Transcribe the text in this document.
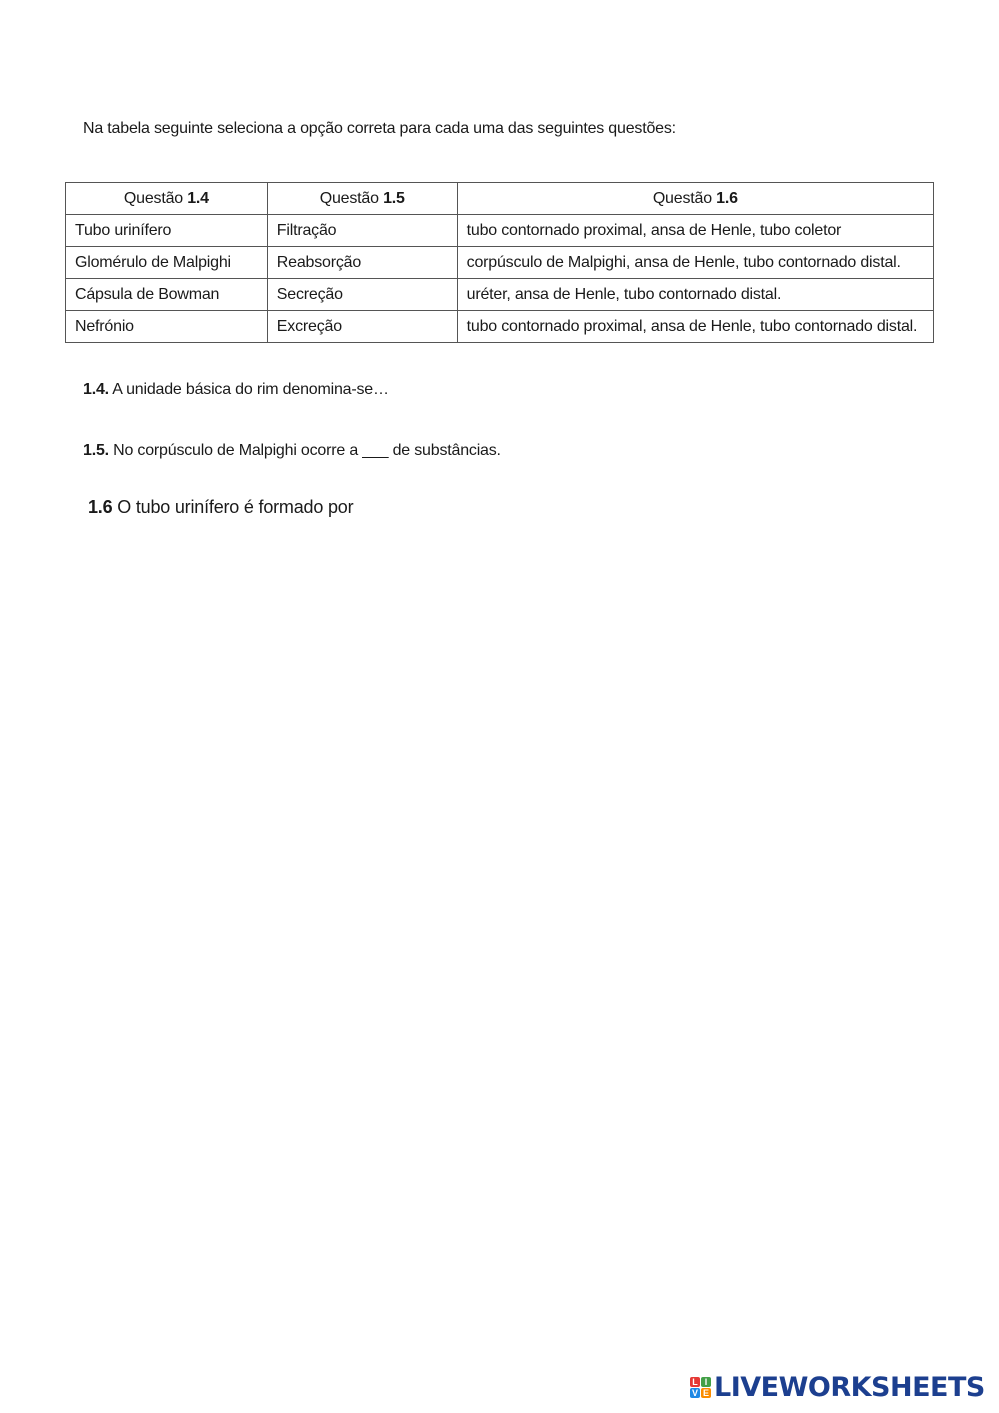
Na tabela seguinte seleciona a opção correta para cada uma das seguintes questões:
Questão 1.4	Questão 1.5	Questão 1.6
Tubo urinífero	Filtração	tubo contornado proximal, ansa de Henle, tubo coletor
Glomérulo de Malpighi	Reabsorção	corpúsculo de Malpighi, ansa de Henle, tubo contornado distal.
Cápsula de Bowman	Secreção	uréter, ansa de Henle, tubo contornado distal.
Nefrónio	Excreção	tubo contornado proximal, ansa de Henle, tubo contornado distal.
1.4. A unidade básica do rim denomina-se…
1.5. No corpúsculo de Malpighi ocorre a ___ de substâncias.
1.6 O tubo urinífero é formado por
L I
V E LIVEWORKSHEETS
